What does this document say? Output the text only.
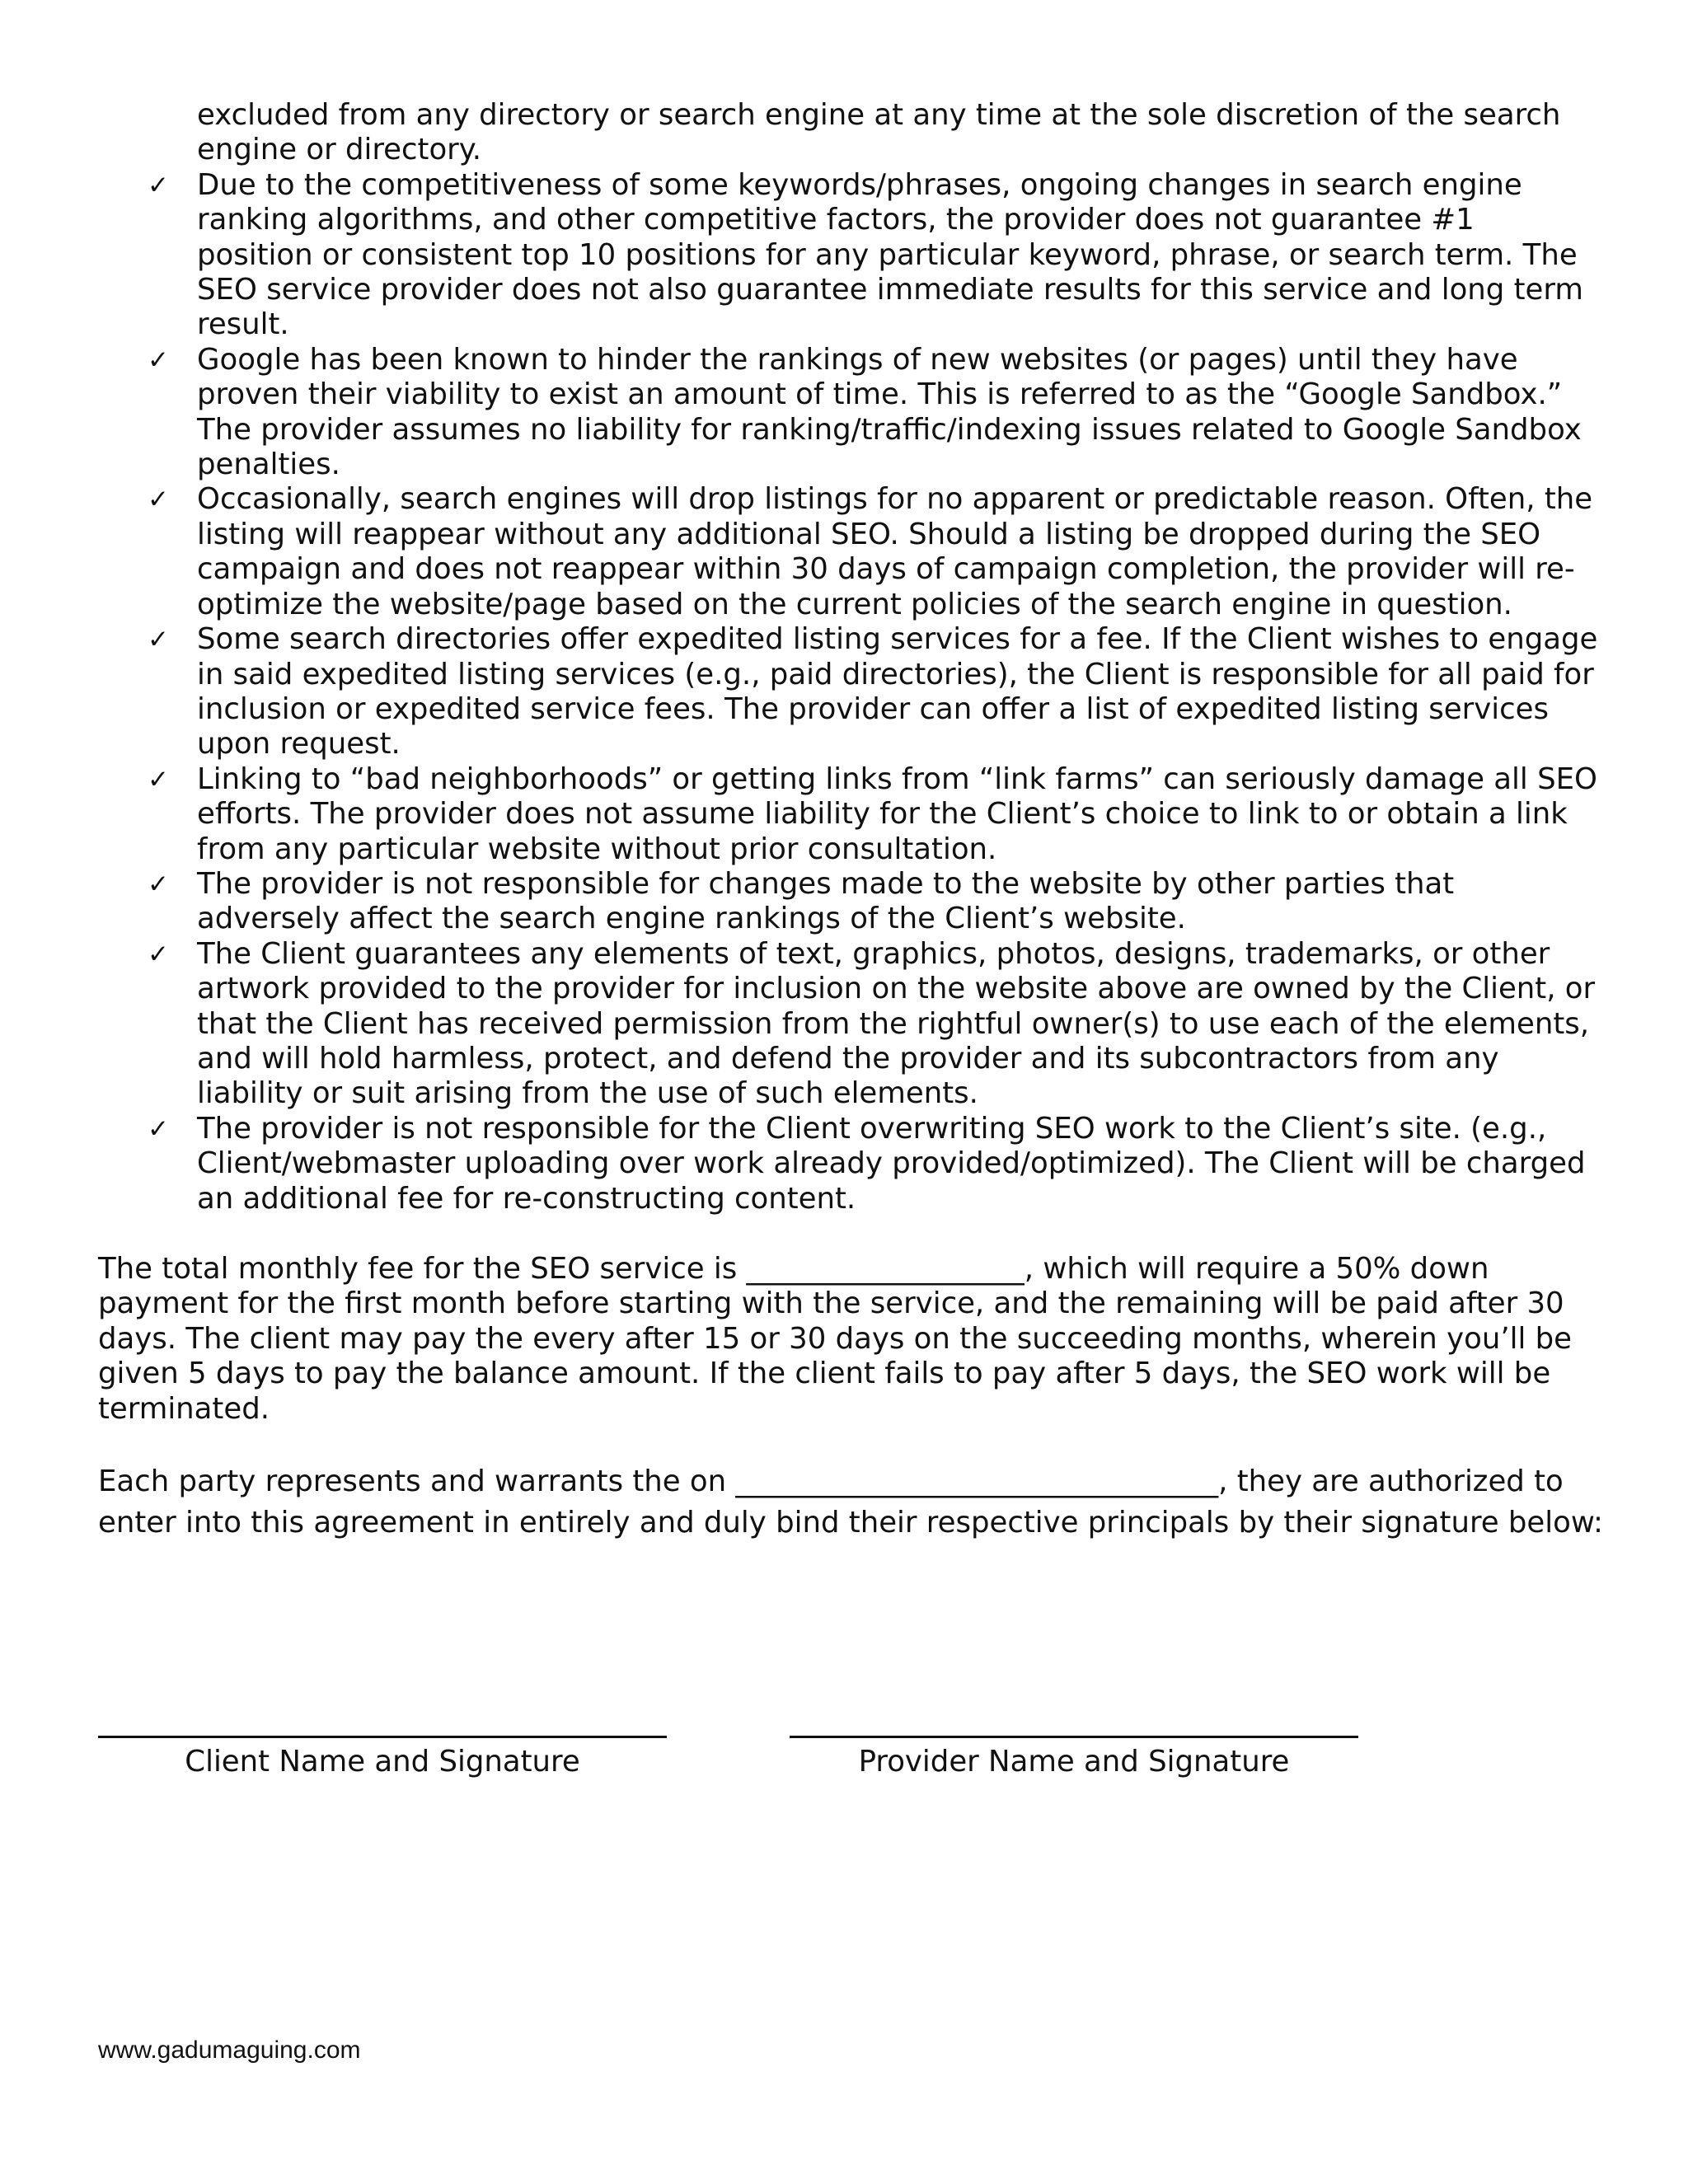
excluded from any directory or search engine at any time at the sole discretion of the search engine or directory.

✓ Due to the competitiveness of some keywords/phrases, ongoing changes in search engine ranking algorithms, and other competitive factors, the provider does not guarantee #1 position or consistent top 10 positions for any particular keyword, phrase, or search term. The SEO service provider does not also guarantee immediate results for this service and long term result.
✓ Google has been known to hinder the rankings of new websites (or pages) until they have proven their viability to exist an amount of time. This is referred to as the “Google Sandbox.” The provider assumes no liability for ranking/traffic/indexing issues related to Google Sandbox penalties.
✓ Occasionally, search engines will drop listings for no apparent or predictable reason. Often, the listing will reappear without any additional SEO. Should a listing be dropped during the SEO campaign and does not reappear within 30 days of campaign completion, the provider will re-optimize the website/page based on the current policies of the search engine in question.
✓ Some search directories offer expedited listing services for a fee. If the Client wishes to engage in said expedited listing services (e.g., paid directories), the Client is responsible for all paid for inclusion or expedited service fees. The provider can offer a list of expedited listing services upon request.
✓ Linking to “bad neighborhoods” or getting links from “link farms” can seriously damage all SEO efforts. The provider does not assume liability for the Client’s choice to link to or obtain a link from any particular website without prior consultation.
✓ The provider is not responsible for changes made to the website by other parties that adversely affect the search engine rankings of the Client’s website.
✓ The Client guarantees any elements of text, graphics, photos, designs, trademarks, or other artwork provided to the provider for inclusion on the website above are owned by the Client, or that the Client has received permission from the rightful owner(s) to use each of the elements, and will hold harmless, protect, and defend the provider and its subcontractors from any liability or suit arising from the use of such elements.
✓ The provider is not responsible for the Client overwriting SEO work to the Client’s site. (e.g., Client/webmaster uploading over work already provided/optimized). The Client will be charged an additional fee for re-constructing content.

The total monthly fee for the SEO service is ___________________, which will require a 50% down payment for the first month before starting with the service, and the remaining will be paid after 30 days. The client may pay the every after 15 or 30 days on the succeeding months, wherein you’ll be given 5 days to pay the balance amount. If the client fails to pay after 5 days, the SEO work will be terminated.

Each party represents and warrants the on _________________________________, they are authorized to enter into this agreement in entirely and duly bind their respective principals by their signature below:

Client Name and Signature	Provider Name and Signature
www.gadumaguing.com
